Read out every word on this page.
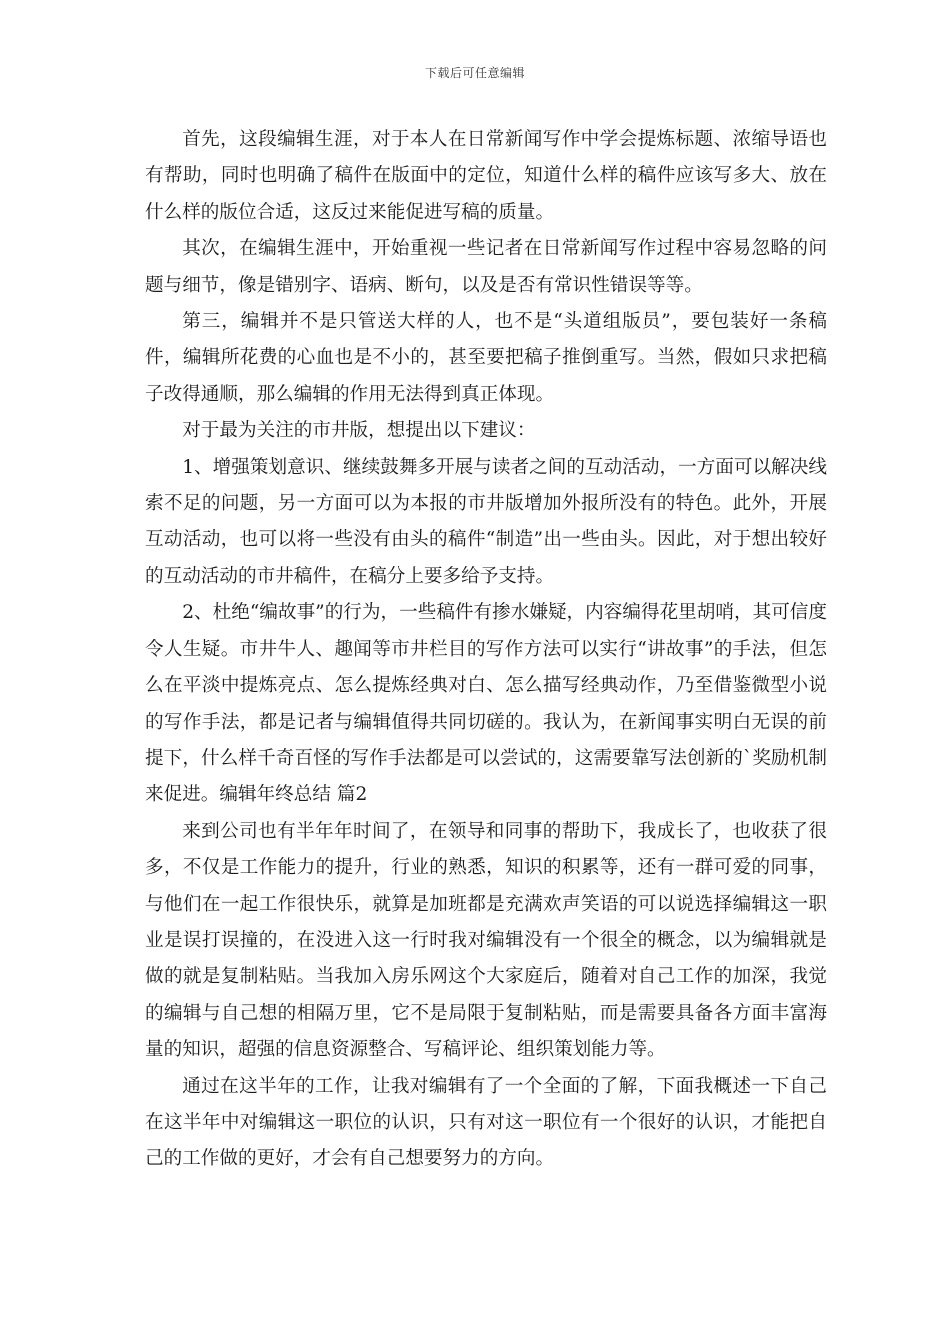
下载后可任意编辑

首先，这段编辑生涯，对于本人在日常新闻写作中学会提炼标题、浓缩导语也有帮助，同时也明确了稿件在版面中的定位，知道什么样的稿件应该写多大、放在什么样的版位合适，这反过来能促进写稿的质量。

其次，在编辑生涯中，开始重视一些记者在日常新闻写作过程中容易忽略的问题与细节，像是错别字、语病、断句，以及是否有常识性错误等等。

第三，编辑并不是只管送大样的人，也不是“头道组版员”，要包装好一条稿件，编辑所花费的心血也是不小的，甚至要把稿子推倒重写。当然，假如只求把稿子改得通顺，那么编辑的作用无法得到真正体现。

对于最为关注的市井版，想提出以下建议：

1、增强策划意识、继续鼓舞多开展与读者之间的互动活动，一方面可以解决线索不足的问题，另一方面可以为本报的市井版增加外报所没有的特色。此外，开展互动活动，也可以将一些没有由头的稿件“制造”出一些由头。因此，对于想出较好的互动活动的市井稿件，在稿分上要多给予支持。

2、杜绝“编故事”的行为，一些稿件有掺水嫌疑，内容编得花里胡哨，其可信度令人生疑。市井牛人、趣闻等市井栏目的写作方法可以实行“讲故事”的手法，但怎么在平淡中提炼亮点、怎么提炼经典对白、怎么描写经典动作，乃至借鉴微型小说的写作手法，都是记者与编辑值得共同切磋的。我认为，在新闻事实明白无误的前提下，什么样千奇百怪的写作手法都是可以尝试的，这需要靠写法创新的`奖励机制来促进。编辑年终总结 篇2

来到公司也有半年年时间了，在领导和同事的帮助下，我成长了，也收获了很多，不仅是工作能力的提升，行业的熟悉，知识的积累等，还有一群可爱的同事，与他们在一起工作很快乐，就算是加班都是充满欢声笑语的可以说选择编辑这一职业是误打误撞的，在没进入这一行时我对编辑没有一个很全的概念，以为编辑就是做的就是复制粘贴。当我加入房乐网这个大家庭后，随着对自己工作的加深，我觉的编辑与自己想的相隔万里，它不是局限于复制粘贴，而是需要具备各方面丰富海量的知识，超强的信息资源整合、写稿评论、组织策划能力等。

通过在这半年的工作，让我对编辑有了一个全面的了解，下面我概述一下自己在这半年中对编辑这一职位的认识，只有对这一职位有一个很好的认识，才能把自己的工作做的更好，才会有自己想要努力的方向。
